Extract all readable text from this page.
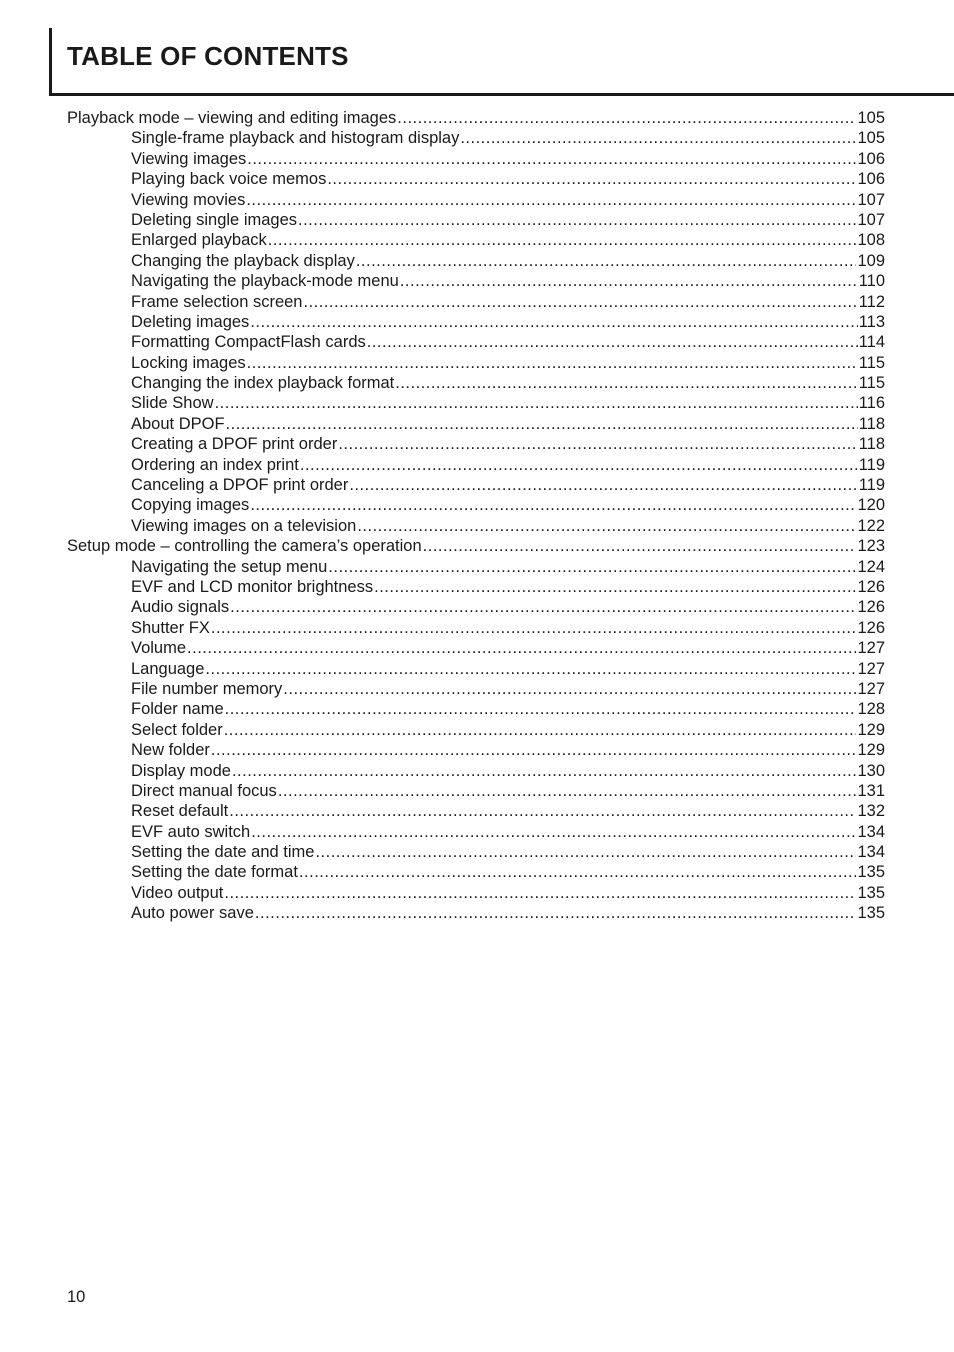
TABLE OF CONTENTS
Playback mode – viewing and editing images .....	105
Single-frame playback and histogram display .....	105
Viewing images .....	106
Playing back voice memos .....	106
Viewing movies .....	107
Deleting single images .....	107
Enlarged playback .....	108
Changing the playback display .....	109
Navigating the playback-mode menu .....	110
Frame selection screen .....	112
Deleting images .....	113
Formatting CompactFlash cards .....	114
Locking images .....	115
Changing the index playback format .....	115
Slide Show .....	116
About DPOF .....	118
Creating a DPOF print order .....	118
Ordering an index print .....	119
Canceling a DPOF print order .....	119
Copying images .....	120
Viewing images on a television .....	122
Setup mode – controlling the camera’s operation .....	123
Navigating the setup menu .....	124
EVF and LCD monitor brightness .....	126
Audio signals .....	126
Shutter FX .....	126
Volume .....	127
Language .....	127
File number memory .....	127
Folder name .....	128
Select folder .....	129
New folder .....	129
Display mode .....	130
Direct manual focus .....	131
Reset default .....	132
EVF auto switch .....	134
Setting the date and time .....	134
Setting the date format .....	135
Video output .....	135
Auto power save .....	135
10
